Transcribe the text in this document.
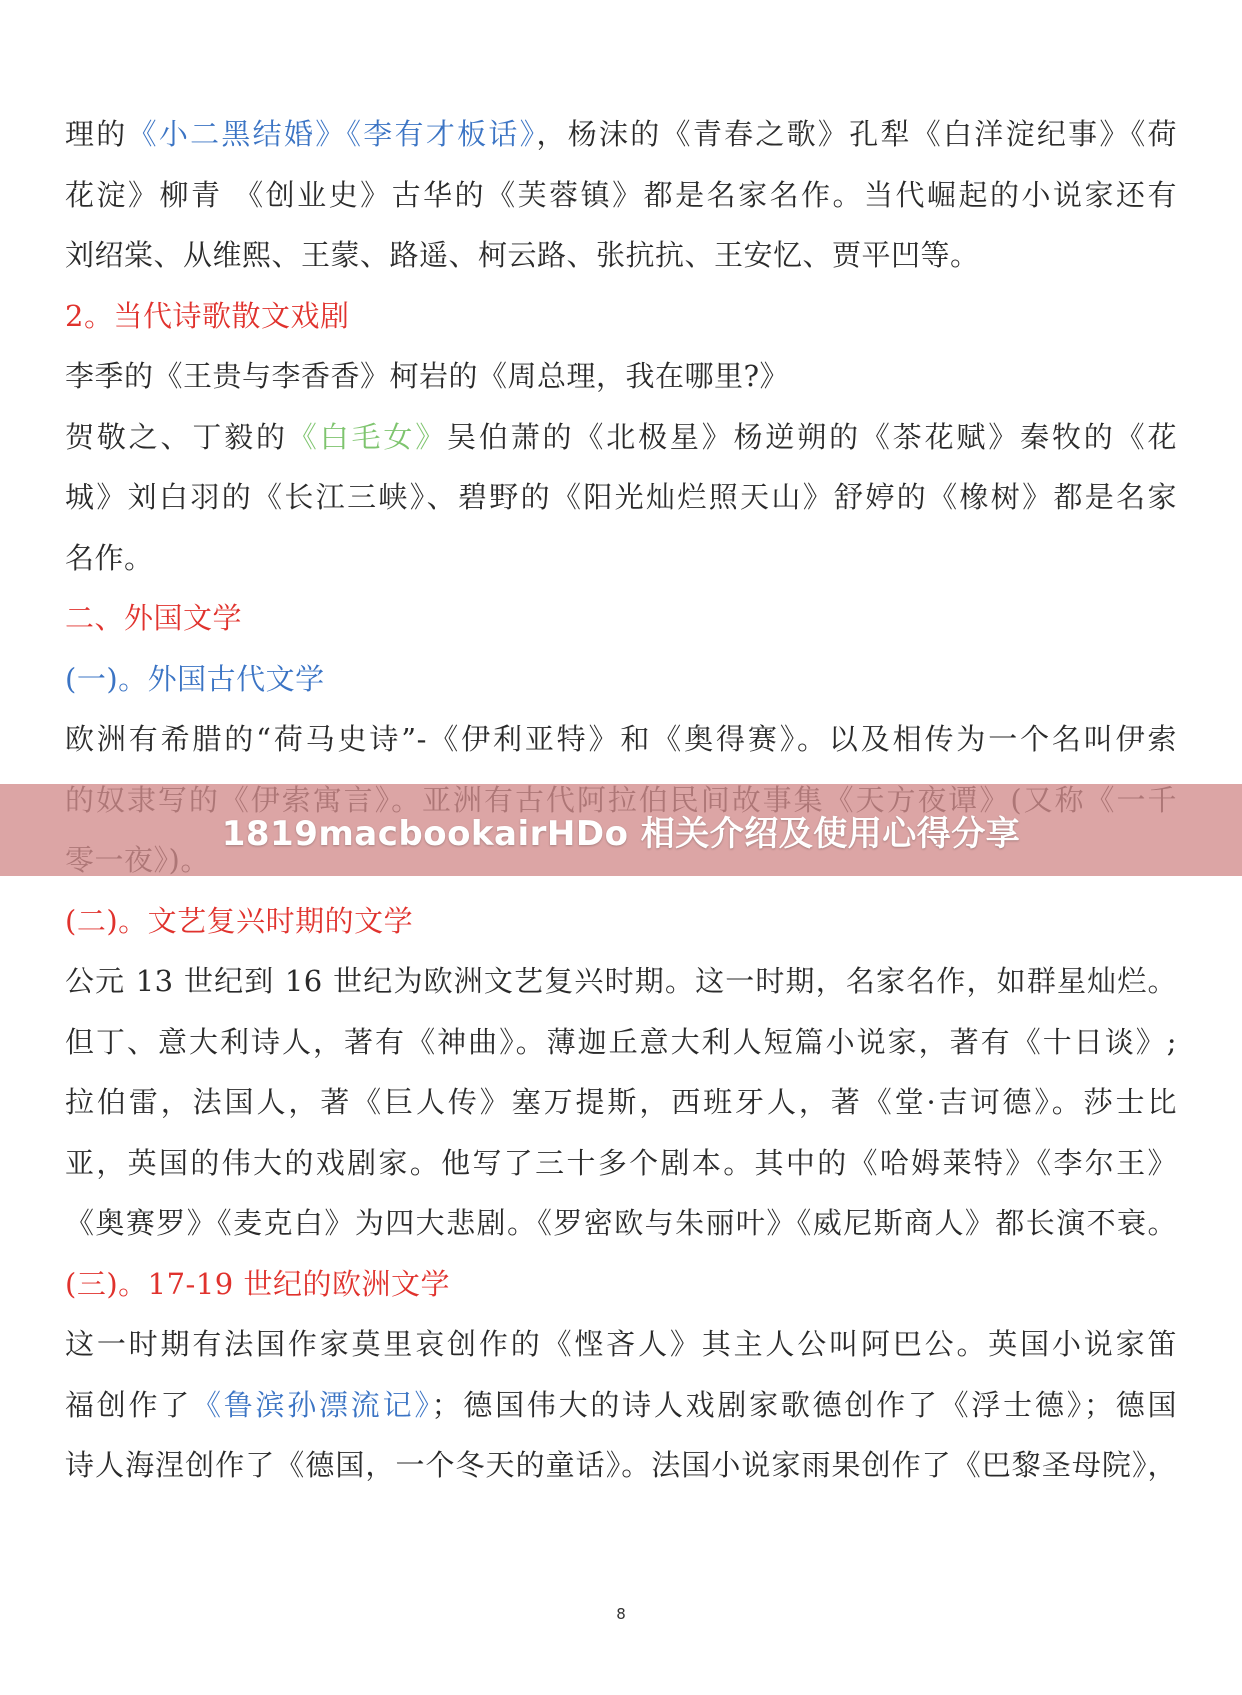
理的《小二黑结婚》《李有才板话》，杨沫的《青春之歌》孔犁《白洋淀纪事》《荷
花淀》柳青 《创业史》古华的《芙蓉镇》都是名家名作。当代崛起的小说家还有
刘绍棠、从维熙、王蒙、路遥、柯云路、张抗抗、王安忆、贾平凹等。
2。当代诗歌散文戏剧
李季的《王贵与李香香》柯岩的《周总理，我在哪里?》
贺敬之、丁毅的《白毛女》吴伯萧的《北极星》杨逆朔的《茶花赋》秦牧的《花
城》刘白羽的《长江三峡》、碧野的《阳光灿烂照天山》舒婷的《橡树》都是名家
名作。
二、外国文学
(一)。外国古代文学
欧洲有希腊的“荷马史诗”-《伊利亚特》和《奥得赛》。以及相传为一个名叫伊索
(二)。文艺复兴时期的文学
公元 13 世纪到 16 世纪为欧洲文艺复兴时期。这一时期，名家名作，如群星灿烂。
但丁、意大利诗人，著有《神曲》。薄迦丘意大利人短篇小说家，著有《十日谈》;
拉伯雷，法国人，著《巨人传》塞万提斯，西班牙人，著《堂·吉诃德》。莎士比
亚，英国的伟大的戏剧家。他写了三十多个剧本。其中的《哈姆莱特》《李尔王》
《奥赛罗》《麦克白》为四大悲剧。《罗密欧与朱丽叶》《威尼斯商人》都长演不衰。
(三)。17-19 世纪的欧洲文学
这一时期有法国作家莫里哀创作的《悭吝人》其主人公叫阿巴公。英国小说家笛
福创作了《鲁滨孙漂流记》；德国伟大的诗人戏剧家歌德创作了《浮士德》；德国
诗人海涅创作了《德国，一个冬天的童话》。法国小说家雨果创作了《巴黎圣母院》，
1819macbookairHDo 相关介绍及使用心得分享
8
